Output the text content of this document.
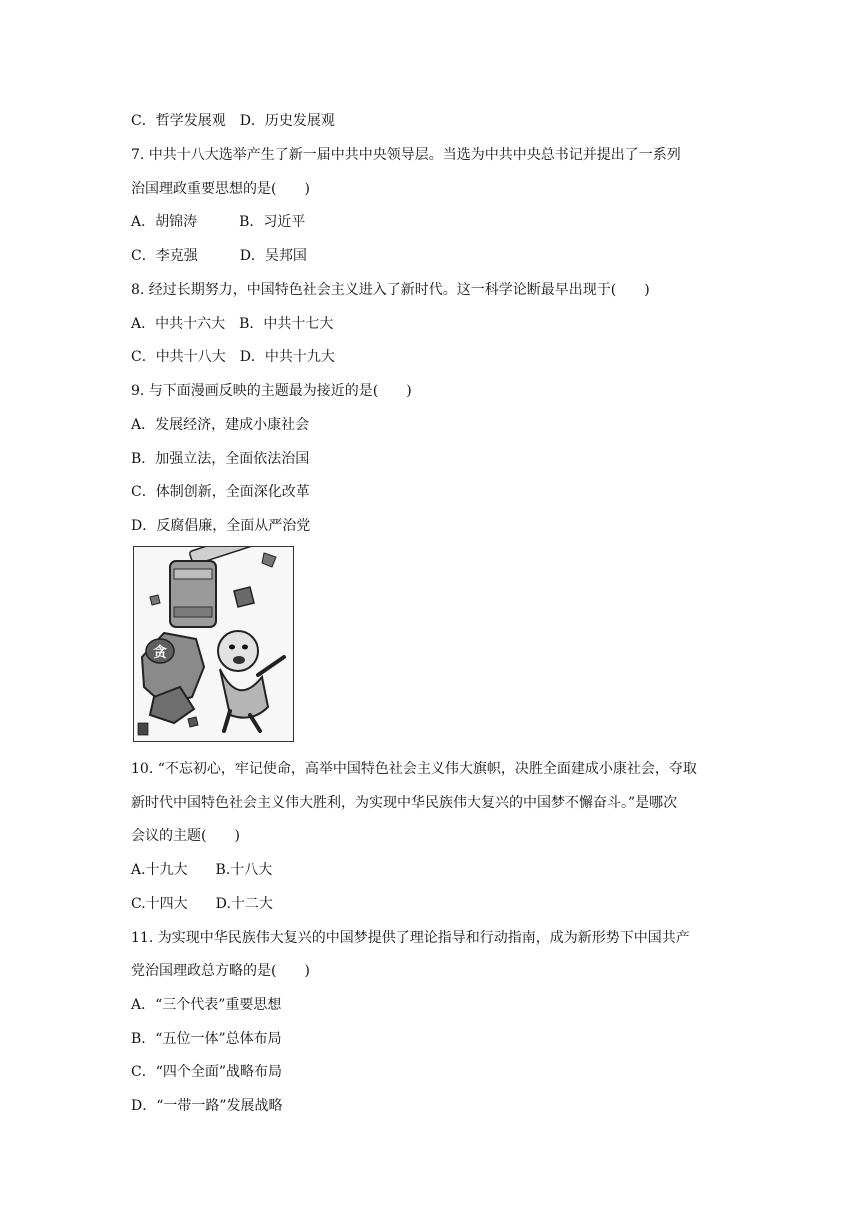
C．哲学发展观　D．历史发展观
7. 中共十八大选举产生了新一届中共中央领导层。当选为中共中央总书记并提出了一系列
治国理政重要思想的是(　　)
A．胡锦涛　　　B．习近平
C．李克强　　　D．吴邦国
8. 经过长期努力，中国特色社会主义进入了新时代。这一科学论断最早出现于(　　)
A．中共十六大　B．中共十七大
C．中共十八大　D．中共十九大
9. 与下面漫画反映的主题最为接近的是(　　)
A．发展经济，建成小康社会
B．加强立法，全面依法治国
C．体制创新，全面深化改革
D．反腐倡廉，全面从严治党
贪
10. “不忘初心，牢记使命，高举中国特色社会主义伟大旗帜，决胜全面建成小康社会，夺取
新时代中国特色社会主义伟大胜利，为实现中华民族伟大复兴的中国梦不懈奋斗。”是哪次
会议的主题(　　)
A.十九大　　B.十八大
C.十四大　　D.十二大
11. 为实现中华民族伟大复兴的中国梦提供了理论指导和行动指南，成为新形势下中国共产
党治国理政总方略的是(　　)
A．“三个代表”重要思想
B．“五位一体”总体布局
C．“四个全面”战略布局
D．“一带一路”发展战略
